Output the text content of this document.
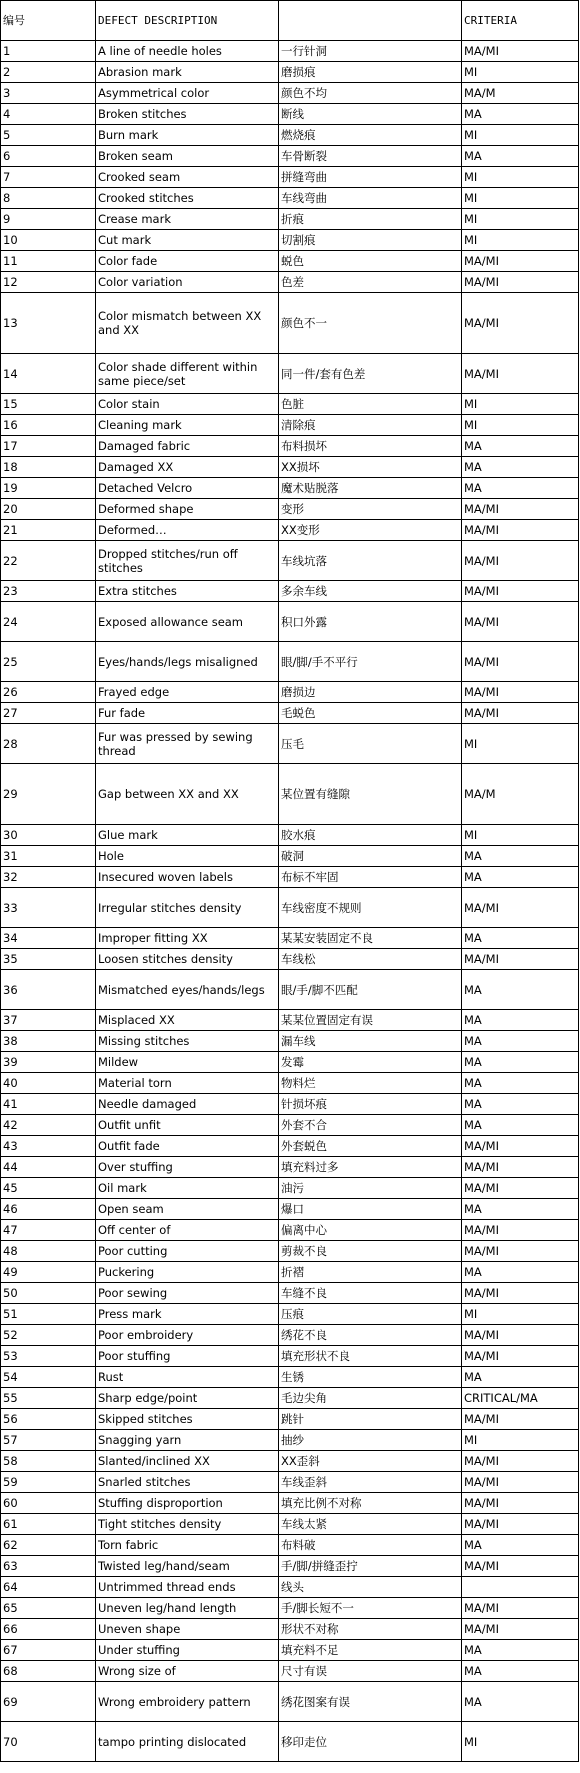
编号	DEFECT DESCRIPTION		CRITERIA
1	A line of needle holes	一行针洞	MA/MI
2	Abrasion mark	磨损痕	MI
3	Asymmetrical color	颜色不均	MA/M
4	Broken stitches	断线	MA
5	Burn mark	燃烧痕	MI
6	Broken seam	车骨断裂	MA
7	Crooked seam	拼缝弯曲	MI
8	Crooked stitches	车线弯曲	MI
9	Crease mark	折痕	MI
10	Cut mark	切割痕	MI
11	Color fade	蜕色	MA/MI
12	Color variation	色差	MA/MI
13	Color mismatch between XX and XX	颜色不一	MA/MI
14	Color shade different within same piece/set	同一件/套有色差	MA/MI
15	Color stain	色脏	MI
16	Cleaning mark	清除痕	MI
17	Damaged fabric	布料损坏	MA
18	Damaged XX	XX损坏	MA
19	Detached Velcro	魔术贴脱落	MA
20	Deformed shape	变形	MA/MI
21	Deformed…	XX变形	MA/MI
22	Dropped stitches/run off stitches	车线坑落	MA/MI
23	Extra stitches	多余车线	MA/MI
24	Exposed allowance seam	积口外露	MA/MI
25	Eyes/hands/legs misaligned	眼/脚/手不平行	MA/MI
26	Frayed edge	磨损边	MA/MI
27	Fur fade	毛蜕色	MA/MI
28	Fur was pressed by sewing thread	压毛	MI
29	Gap between XX and XX	某位置有缝隙	MA/M
30	Glue mark	胶水痕	MI
31	Hole	破洞	MA
32	Insecured woven labels	布标不牢固	MA
33	Irregular stitches density	车线密度不规则	MA/MI
34	Improper fitting XX	某某安装固定不良	MA
35	Loosen stitches density	车线松	MA/MI
36	Mismatched eyes/hands/legs	眼/手/脚不匹配	MA
37	Misplaced XX	某某位置固定有误	MA
38	Missing stitches	漏车线	MA
39	Mildew	发霉	MA
40	Material torn	物料烂	MA
41	Needle damaged	针损坏痕	MA
42	Outfit unfit	外套不合	MA
43	Outfit fade	外套蜕色	MA/MI
44	Over stuffing	填充料过多	MA/MI
45	Oil mark	油污	MA/MI
46	Open seam	爆口	MA
47	Off center of	偏离中心	MA/MI
48	Poor cutting	剪裁不良	MA/MI
49	Puckering	折褶	MA
50	Poor sewing	车缝不良	MA/MI
51	Press mark	压痕	MI
52	Poor embroidery	绣花不良	MA/MI
53	Poor stuffing	填充形状不良	MA/MI
54	Rust	生锈	MA
55	Sharp edge/point	毛边尖角	CRITICAL/MA
56	Skipped stitches	跳针	MA/MI
57	Snagging yarn	抽纱	MI
58	Slanted/inclined XX	XX歪斜	MA/MI
59	Snarled stitches	车线歪斜	MA/MI
60	Stuffing disproportion	填充比例不对称	MA/MI
61	Tight stitches density	车线太紧	MA/MI
62	Torn fabric	布料破	MA
63	Twisted leg/hand/seam	手/脚/拼缝歪拧	MA/MI
64	Untrimmed thread ends	线头	
65	Uneven leg/hand length	手/脚长短不一	MA/MI
66	Uneven shape	形状不对称	MA/MI
67	Under stuffing	填充料不足	MA
68	Wrong size of	尺寸有误	MA
69	Wrong embroidery pattern	绣花图案有误	MA
70	tampo printing dislocated	移印走位	MI
